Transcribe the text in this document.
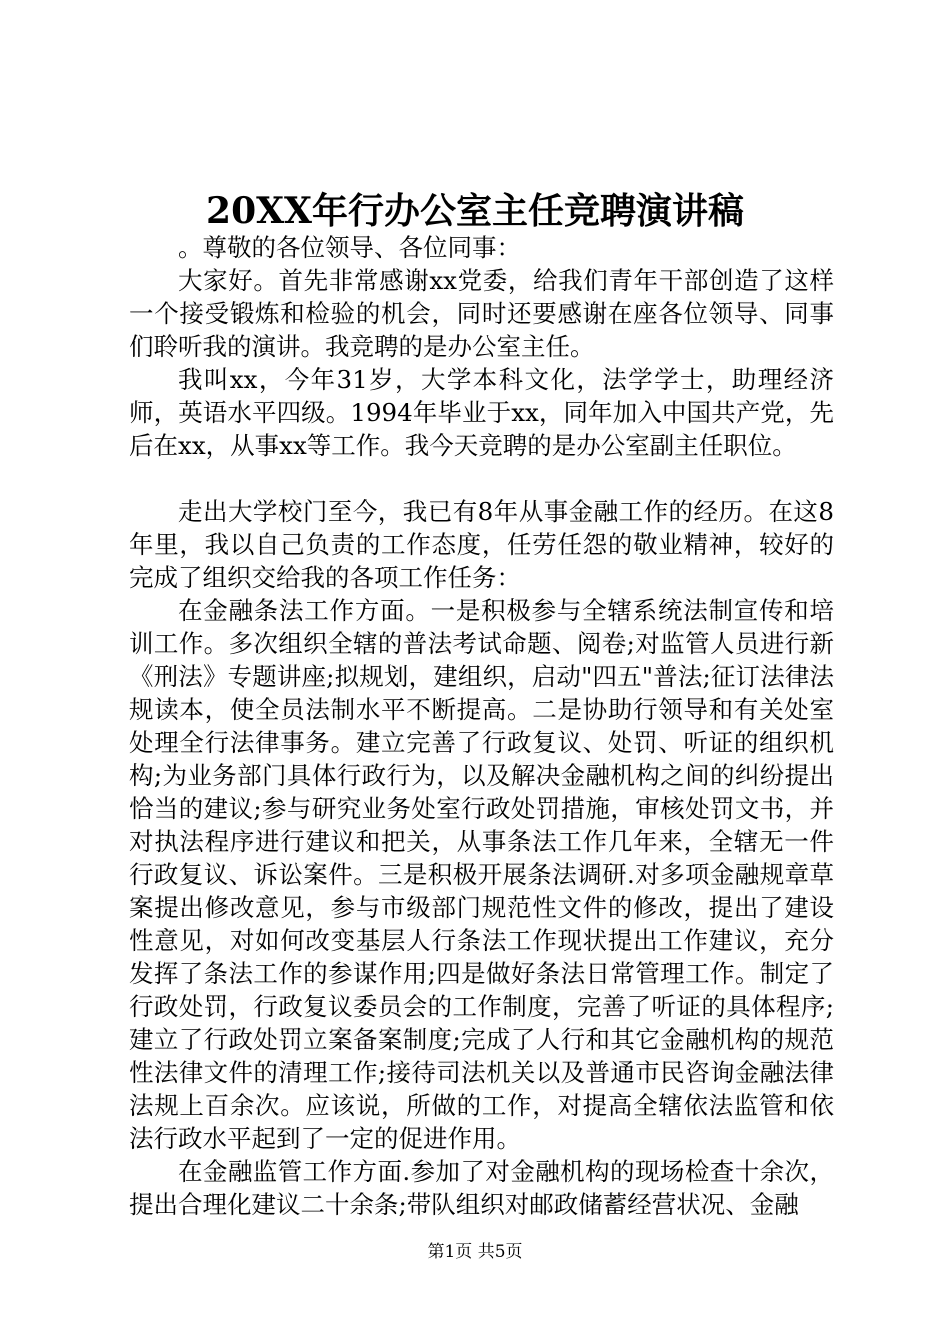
20XX年行办公室主任竞聘演讲稿

。尊敬的各位领导、各位同事：

大家好。首先非常感谢xx党委，给我们青年干部创造了这样一个接受锻炼和检验的机会，同时还要感谢在座各位领导、同事们聆听我的演讲。我竞聘的是办公室主任。

我叫xx，今年31岁，大学本科文化，法学学士，助理经济师，英语水平四级。1994年毕业于xx，同年加入中国共产党，先后在xx，从事xx等工作。我今天竞聘的是办公室副主任职位。

走出大学校门至今，我已有8年从事金融工作的经历。在这8年里，我以自己负责的工作态度，任劳任怨的敬业精神，较好的完成了组织交给我的各项工作任务：

在金融条法工作方面。一是积极参与全辖系统法制宣传和培训工作。多次组织全辖的普法考试命题、阅卷;对监管人员进行新《刑法》专题讲座;拟规划，建组织，启动"四五"普法;征订法律法规读本，使全员法制水平不断提高。二是协助行领导和有关处室处理全行法律事务。建立完善了行政复议、处罚、听证的组织机构;为业务部门具体行政行为，以及解决金融机构之间的纠纷提出恰当的建议;参与研究业务处室行政处罚措施，审核处罚文书，并对执法程序进行建议和把关，从事条法工作几年来，全辖无一件行政复议、诉讼案件。三是积极开展条法调研.对多项金融规章草案提出修改意见，参与市级部门规范性文件的修改，提出了建设性意见，对如何改变基层人行条法工作现状提出工作建议，充分发挥了条法工作的参谋作用;四是做好条法日常管理工作。制定了行政处罚，行政复议委员会的工作制度，完善了听证的具体程序;建立了行政处罚立案备案制度;完成了人行和其它金融机构的规范性法律文件的清理工作;接待司法机关以及普通市民咨询金融法律法规上百余次。应该说，所做的工作，对提高全辖依法监管和依法行政水平起到了一定的促进作用。

在金融监管工作方面.参加了对金融机构的现场检查十余次，提出合理化建议二十余条;带队组织对邮政储蓄经营状况、金融

第1页 共5页
